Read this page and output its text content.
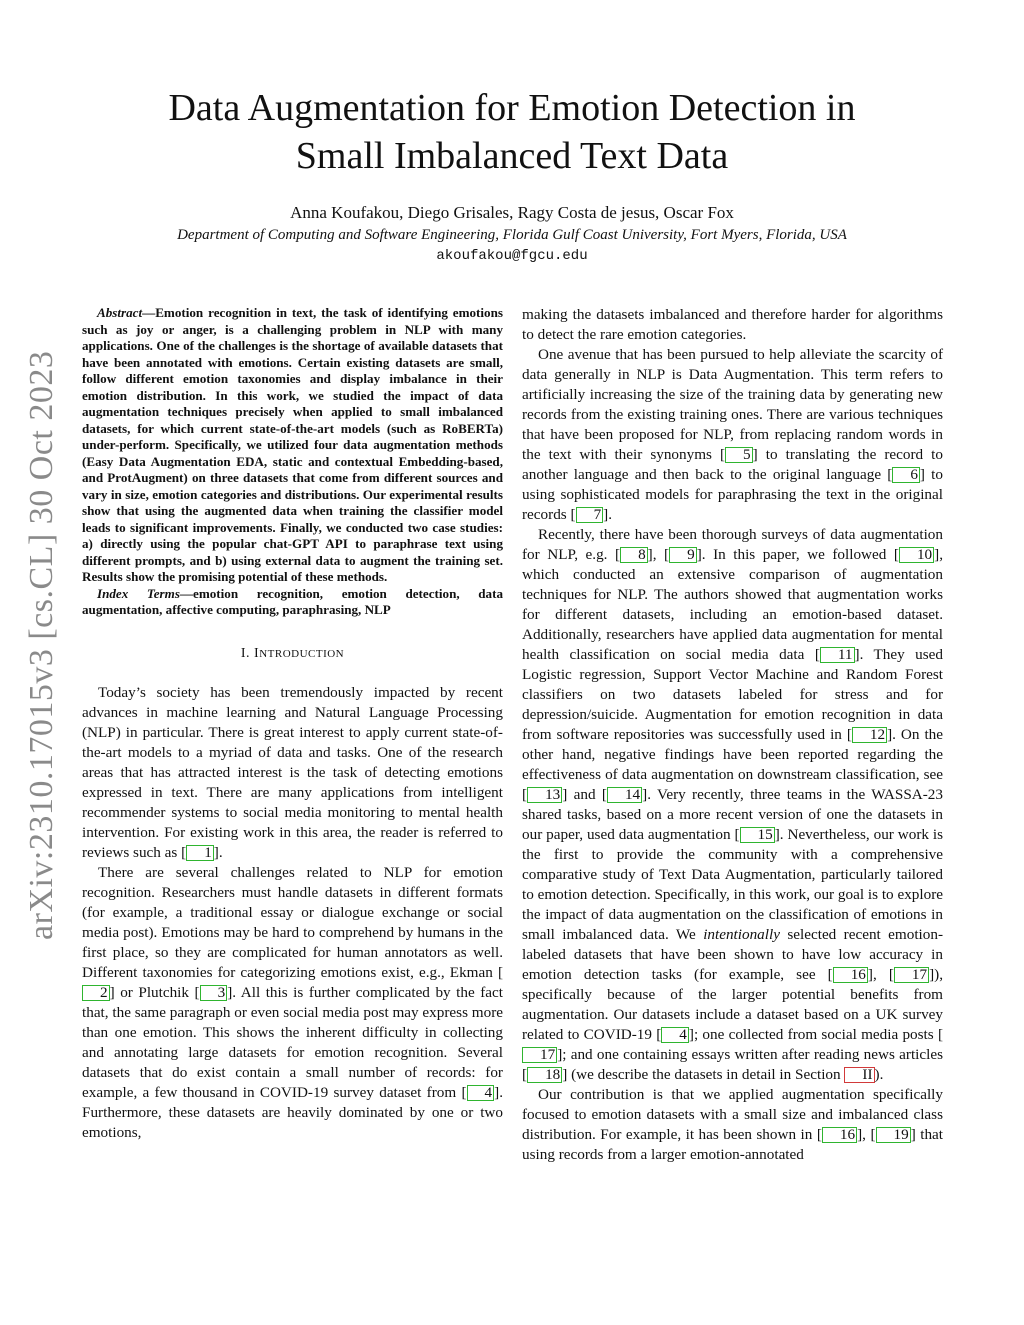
Data Augmentation for Emotion Detection in
Small Imbalanced Text Data
Anna Koufakou, Diego Grisales, Ragy Costa de jesus, Oscar Fox
Department of Computing and Software Engineering, Florida Gulf Coast University, Fort Myers, Florida, USA
akoufakou@fgcu.edu
arXiv:2310.17015v3 [cs.CL] 30 Oct 2023

Abstract—Emotion recognition in text, the task of identifying emotions such as joy or anger, is a challenging problem in NLP with many applications. One of the challenges is the shortage of available datasets that have been annotated with emotions. Certain existing datasets are small, follow different emotion taxonomies and display imbalance in their emotion distribution. In this work, we studied the impact of data augmentation techniques precisely when applied to small imbalanced datasets, for which current state-of-the-art models (such as RoBERTa) under-perform. Specifically, we utilized four data augmentation methods (Easy Data Augmentation EDA, static and contextual Embedding-based, and ProtAugment) on three datasets that come from different sources and vary in size, emotion categories and distributions. Our experimental results show that using the augmented data when training the classifier model leads to significant improvements. Finally, we conducted two case studies: a) directly using the popular chat-GPT API to paraphrase text using different prompts, and b) using external data to augment the training set. Results show the promising potential of these methods.

Index Terms—emotion recognition, emotion detection, data augmentation, affective computing, paraphrasing, NLP

I. INTRODUCTION

Today’s society has been tremendously impacted by recent advances in machine learning and Natural Language Processing (NLP) in particular. There is great interest to apply current state-of-the-art models to a myriad of data and tasks. One of the research areas that has attracted interest is the task of detecting emotions expressed in text. There are many applications from intelligent recommender systems to social media monitoring to mental health intervention. For existing work in this area, the reader is referred to reviews such as [ 1 ].

There are several challenges related to NLP for emotion recognition. Researchers must handle datasets in different formats (for example, a traditional essay or dialogue exchange or social media post). Emotions may be hard to comprehend by humans in the first place, so they are complicated for human annotators as well. Different taxonomies for categorizing emotions exist, e.g., Ekman [2 ] or Plutchik [ 3 ]. All this is further complicated by the fact that, the same paragraph or even social media post may express more than one emotion. This shows the inherent difficulty in collecting and annotating large datasets for emotion recognition. Several datasets that do exist contain a small number of records: for example, a few thousand in COVID-19 survey dataset from [ 4 ]. Furthermore, these datasets are heavily dominated by one or two emotions,

making the datasets imbalanced and therefore harder for algorithms to detect the rare emotion categories.

One avenue that has been pursued to help alleviate the scarcity of data generally in NLP is Data Augmentation. This term refers to artificially increasing the size of the training data by generating new records from the existing training ones. There are various techniques that have been proposed for NLP, from replacing random words in the text with their synonyms [ 5 ] to translating the record to another language and then back to the original language [ 6 ] to using sophisticated models for paraphrasing the text in the original records [ 7 ].

Recently, there have been thorough surveys of data augmentation for NLP, e.g. [ 8 ], [ 9 ]. In this paper, we followed [ 10 ], which conducted an extensive comparison of augmentation techniques for NLP. The authors showed that augmentation works for different datasets, including an emotion-based dataset. Additionally, researchers have applied data augmentation for mental health classification on social media data [ 11 ]. They used Logistic regression, Support Vector Machine and Random Forest classifiers on two datasets labeled for stress and for depression/suicide. Augmentation for emotion recognition in data from software repositories was successfully used in [ 12 ]. On the other hand, negative findings have been reported regarding the effectiveness of data augmentation on downstream classification, see [ 13 ] and [ 14 ]. Very recently, three teams in the WASSA-23 shared tasks, based on a more recent version of one the datasets in our paper, used data augmentation [ 15 ]. Nevertheless, our work is the first to provide the community with a comprehensive comparative study of Text Data Augmentation, particularly tailored to emotion detection. Specifically, in this work, our goal is to explore the impact of data augmentation on the classification of emotions in small imbalanced data. We intentionally selected recent emotion-labeled datasets that have been shown to have low accuracy in emotion detection tasks (for example, see [ 16 ], [ 17 ]), specifically because of the larger potential benefits from augmentation. Our datasets include a dataset based on a UK survey related to COVID-19 [ 4 ]; one collected from social media posts [17 ]; and one containing essays written after reading news articles [ 18 ] (we describe the datasets in detail in Section II ).

Our contribution is that we applied augmentation specifically focused to emotion datasets with a small size and imbalanced class distribution. For example, it has been shown in [ 16 ], [ 19 ] that using records from a larger emotion-annotated
